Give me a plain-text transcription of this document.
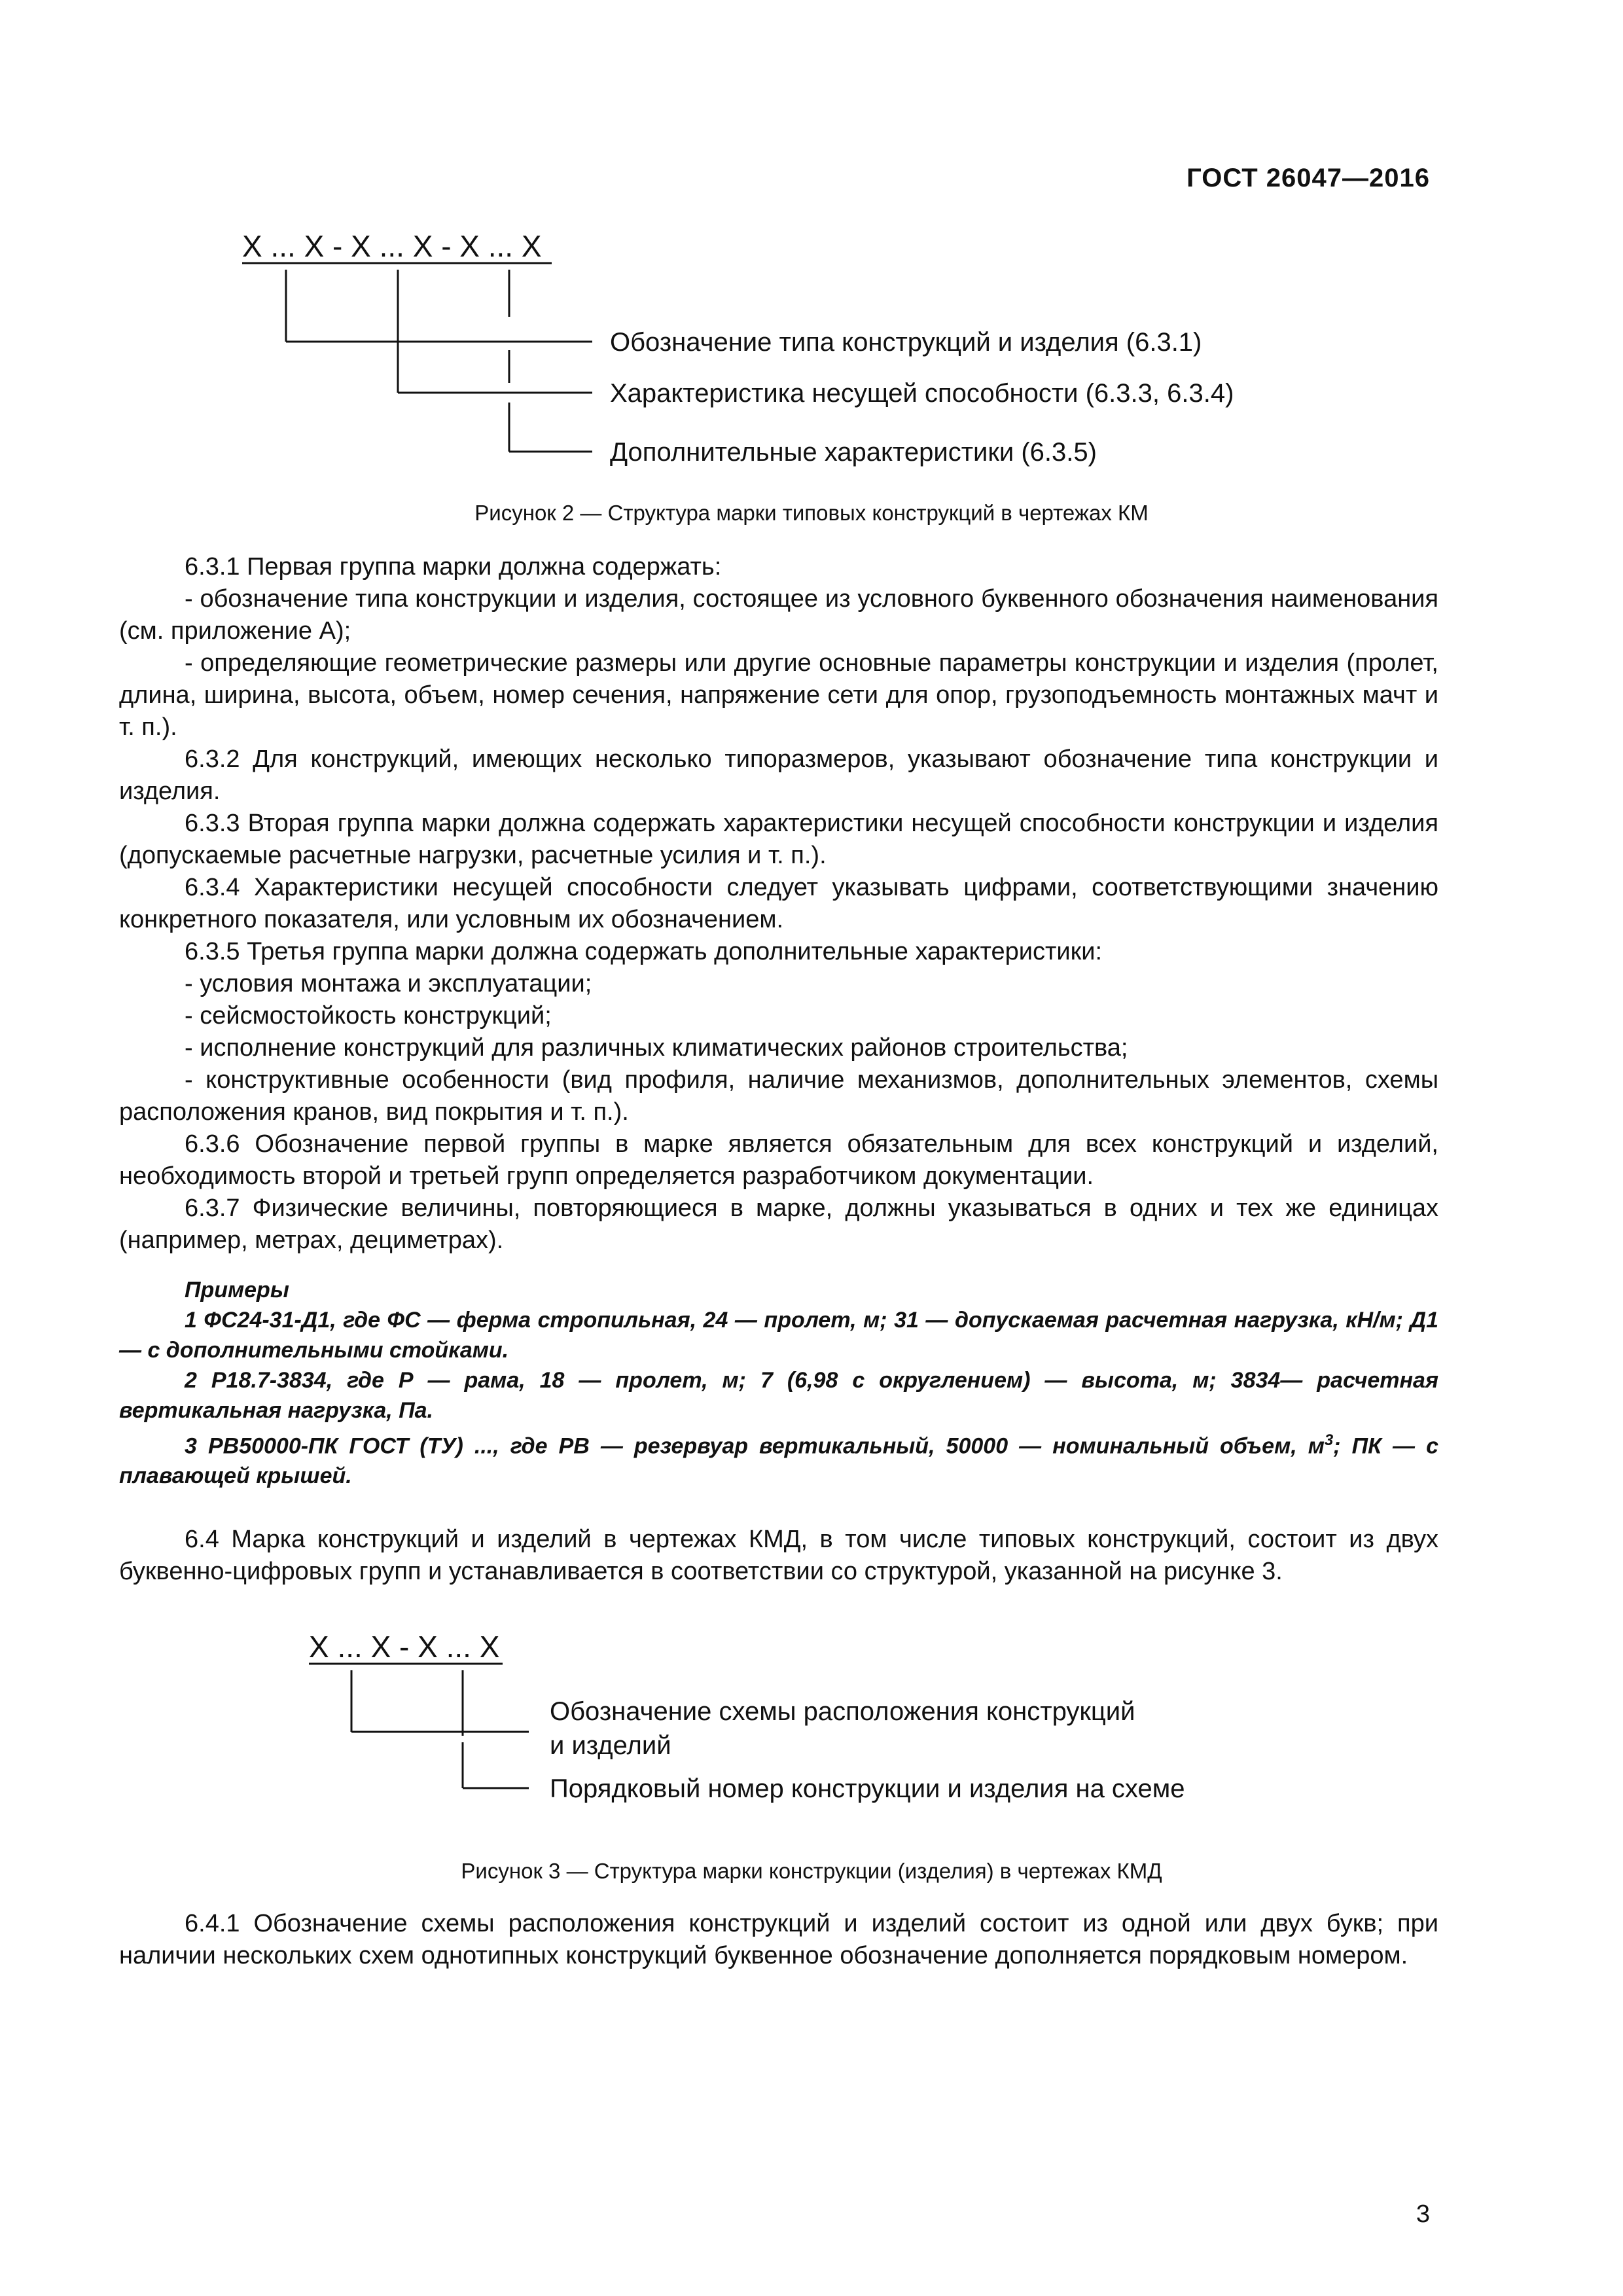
ГОСТ 26047—2016
X ... X - X ... X - X ... X
Обозначение типа конструкций и изделия (6.3.1)
Характеристика несущей способности (6.3.3, 6.3.4)
Дополнительные характеристики (6.3.5)
X ... X - X ... X
Обозначение схемы расположения конструкций
и изделий
Порядковый номер конструкции и изделия на схеме
Рисунок 2 — Структура марки типовых конструкций в чертежах КМ

6.3.1 Первая группа марки должна содержать:

- обозначение типа конструкции и изделия, состоящее из условного буквенного обозначения наименования (см. приложение А);

- определяющие геометрические размеры или другие основные параметры конструкции и изделия (пролет, длина, ширина, высота, объем, номер сечения, напряжение сети для опор, грузоподъемность монтажных мачт и т. п.).

6.3.2 Для конструкций, имеющих несколько типоразмеров, указывают обозначение типа конструкции и изделия.

6.3.3 Вторая группа марки должна содержать характеристики несущей способности конструкции и изделия (допускаемые расчетные нагрузки, расчетные усилия и т. п.).

6.3.4 Характеристики несущей способности следует указывать цифрами, соответствующими значению конкретного показателя, или условным их обозначением.

6.3.5 Третья группа марки должна содержать дополнительные характеристики:

- условия монтажа и эксплуатации;

- сейсмостойкость конструкций;

- исполнение конструкций для различных климатических районов строительства;

- конструктивные особенности (вид профиля, наличие механизмов, дополнительных элементов, схемы расположения кранов, вид покрытия и т. п.).

6.3.6 Обозначение первой группы в марке является обязательным для всех конструкций и изделий, необходимость второй и третьей групп определяется разработчиком документации.

6.3.7 Физические величины, повторяющиеся в марке, должны указываться в одних и тех же единицах (например, метрах, дециметрах).

Примеры

1 ФС24-31-Д1, где ФС — ферма стропильная, 24 — пролет, м; 31 — допускаемая расчетная нагрузка, кН/м; Д1 — с дополнительными стойками.

2 Р18.7-3834, где Р — рама, 18 — пролет, м; 7 (6,98 с округлением) — высота, м; 3834— расчетная вертикальная нагрузка, Па.

3 РВ50000-ПК ГОСТ (ТУ) ..., где РВ — резервуар вертикальный, 50000 — номинальный объем, $м^3$; ПК — с плавающей крышей.

6.4 Марка конструкций и изделий в чертежах КМД, в том числе типовых конструкций, состоит из двух буквенно-цифровых групп и устанавливается в соответствии со структурой, указанной на рисунке 3.

Рисунок 3 — Структура марки конструкции (изделия) в чертежах КМД

6.4.1 Обозначение схемы расположения конструкций и изделий состоит из одной или двух букв; при наличии нескольких схем однотипных конструкций буквенное обозначение дополняется порядковым номером.

3
